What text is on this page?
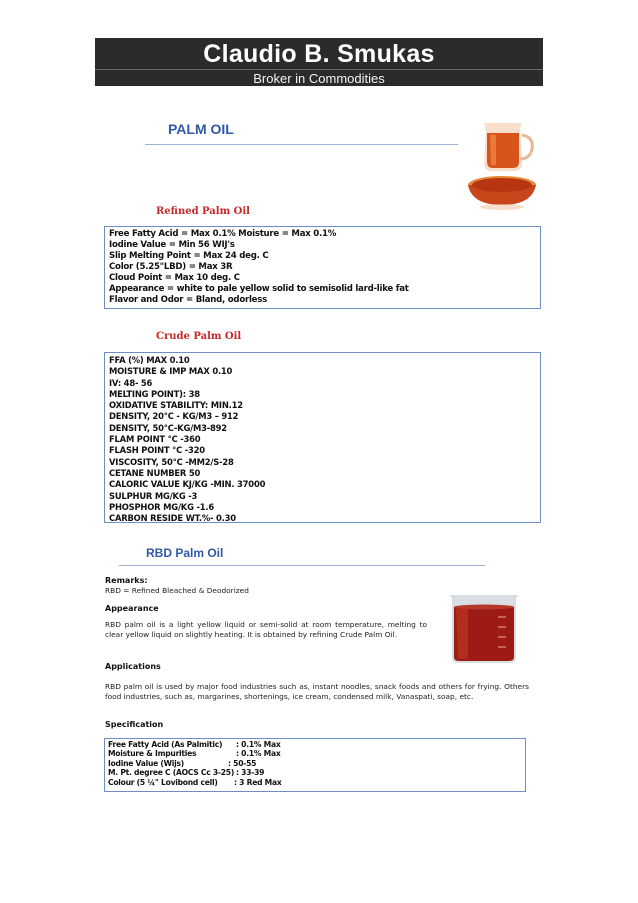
Claudio B. Smukas
Broker in Commodities
PALM OIL
Refined Palm Oil
Free Fatty Acid = Max 0.1% Moisture = Max 0.1%
Iodine Value = Min 56 WIJ's
Slip Melting Point = Max 24 deg. C
Color (5.25"LBD) = Max 3R
Cloud Point = Max 10 deg. C
Appearance = white to pale yellow solid to semisolid lard-like fat
Flavor and Odor = Bland, odorless
Crude Palm Oil
FFA (%) MAX 0.10
MOISTURE & IMP MAX 0.10
IV: 48- 56
MELTING POINT): 38
OXIDATIVE STABILITY: MIN.12
DENSITY, 20°C - KG/M3 – 912
DENSITY, 50°C-KG/M3-892
FLAM POINT °C -360
FLASH POINT °C -320
VISCOSITY, 50°C -MM2/S-28
CETANE NUMBER 50
CALORIC VALUE KJ/KG -MIN. 37000
SULPHUR MG/KG -3
PHOSPHOR MG/KG -1.6
CARBON RESIDE WT.%- 0.30
RBD Palm Oil
Remarks:
RBD = Refined Bleached & Deodorized
Appearance
RBD palm oil is a light yellow liquid or semi-solid at room temperature, melting to clear yellow liquid on slightly heating. It is obtained by refining Crude Palm Oil.
Applications
RBD palm oil is used by major food industries such as, instant noodles, snack foods and others for frying. Others food industries, such as, margarines, shortenings, ice cream, condensed milk, Vanaspati, soap, etc.
Specification
Free Fatty Acid (As Palmitic)	: 0.1% Max
Moisture & Impurities	: 0.1% Max
Iodine Value (Wijs)	: 50-55
M. Pt. degree C (AOCS Cc 3-25) : 33-39
Colour (5 ¼" Lovibond cell)	: 3 Red Max
